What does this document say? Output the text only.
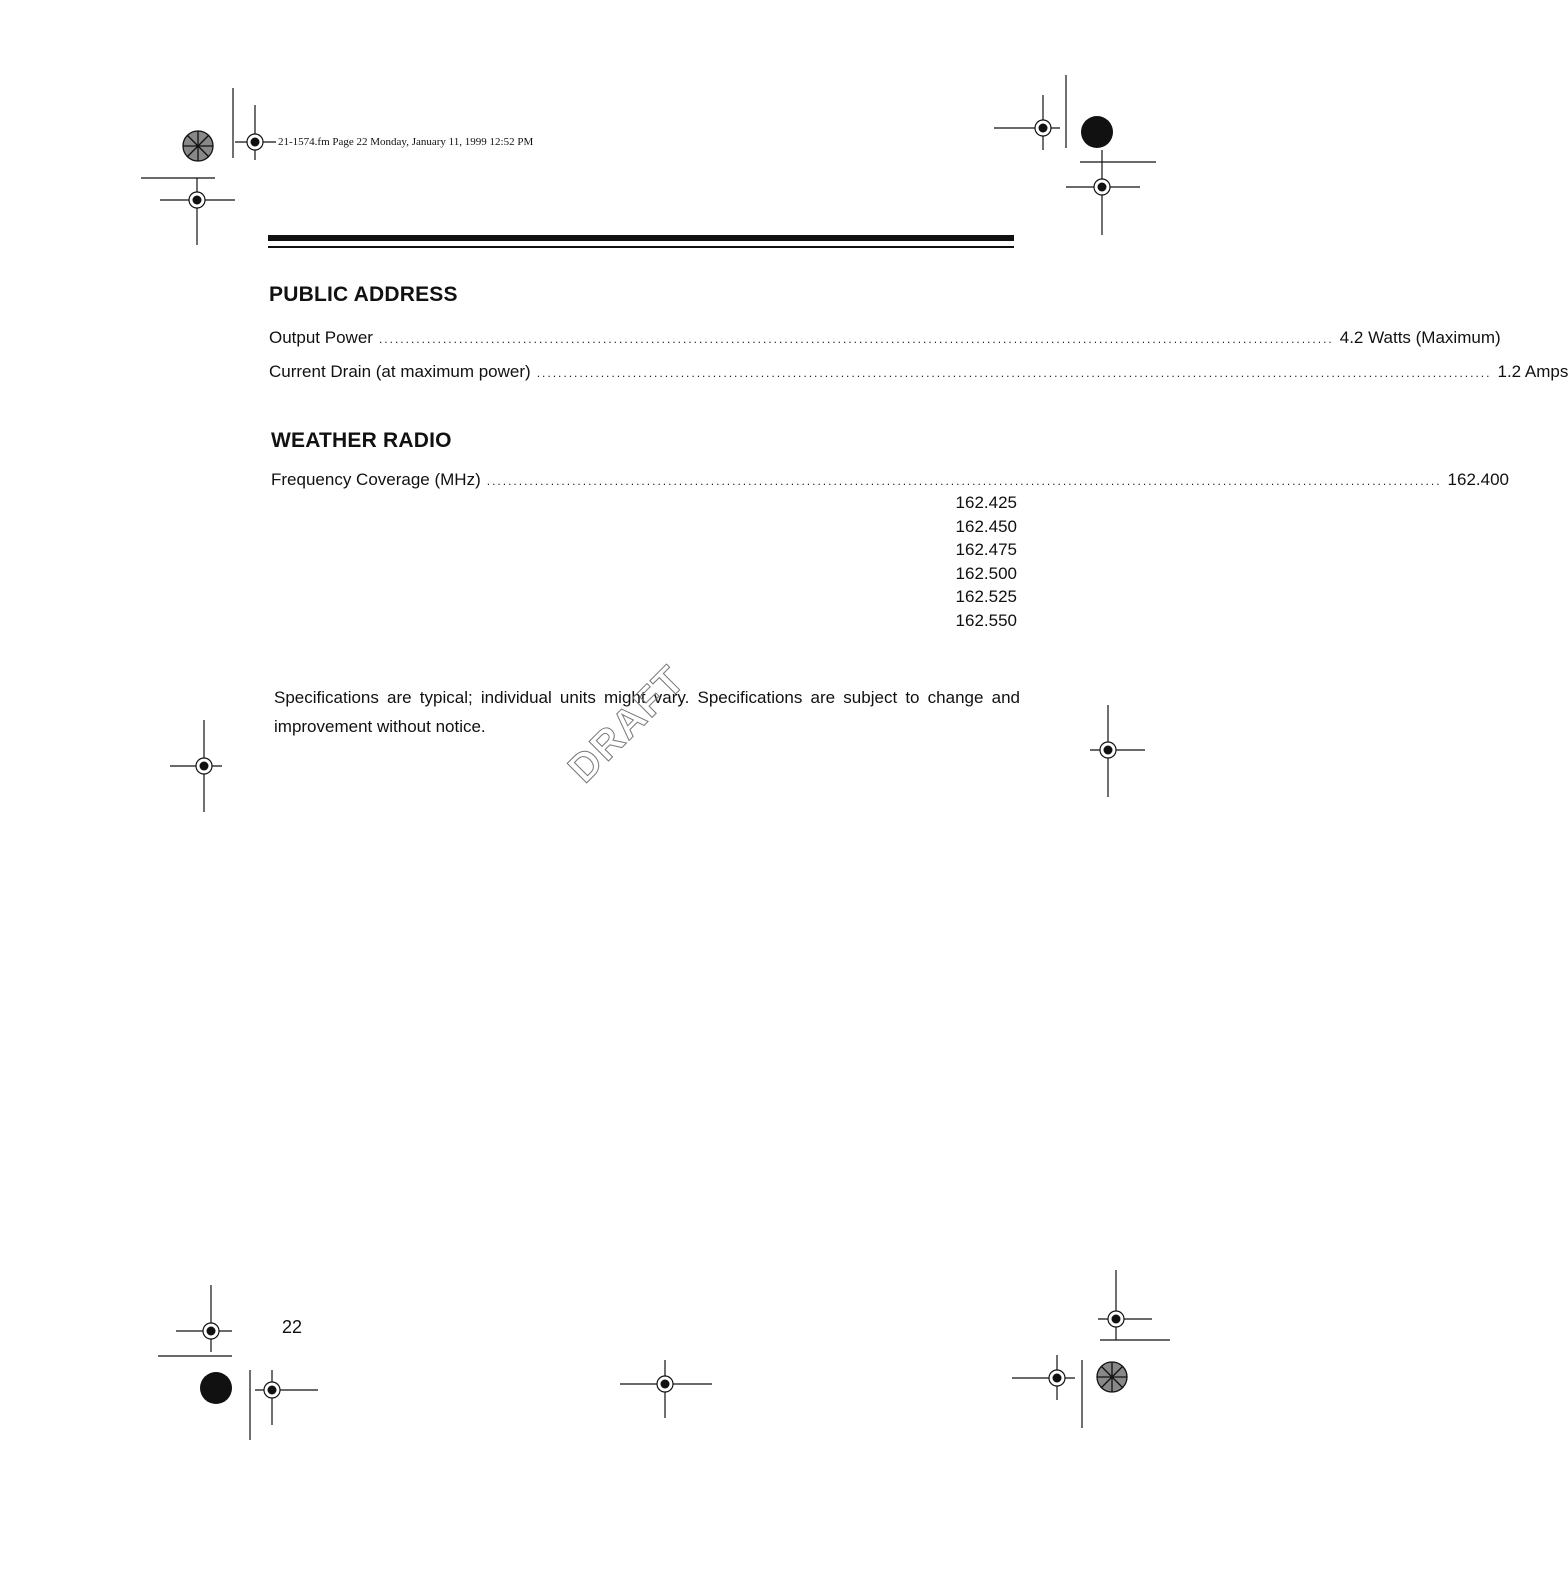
21-1574.fm Page 22 Monday, January 11, 1999 12:52 PM
PUBLIC ADDRESS
Output Power ................................................................................................................................................................................... 4.2 Watts (Maximum)
Current Drain (at maximum power) ................................................................................................................................................................................... 1.2 Amps
WEATHER RADIO
Frequency Coverage (MHz) ................................................................................................................................................................................... 162.400
162.425
162.450
162.475
162.500
162.525
162.550
Specifications are typical; individual units might vary. Specifications are subject to change and improvement without notice.	DRAFT
22
